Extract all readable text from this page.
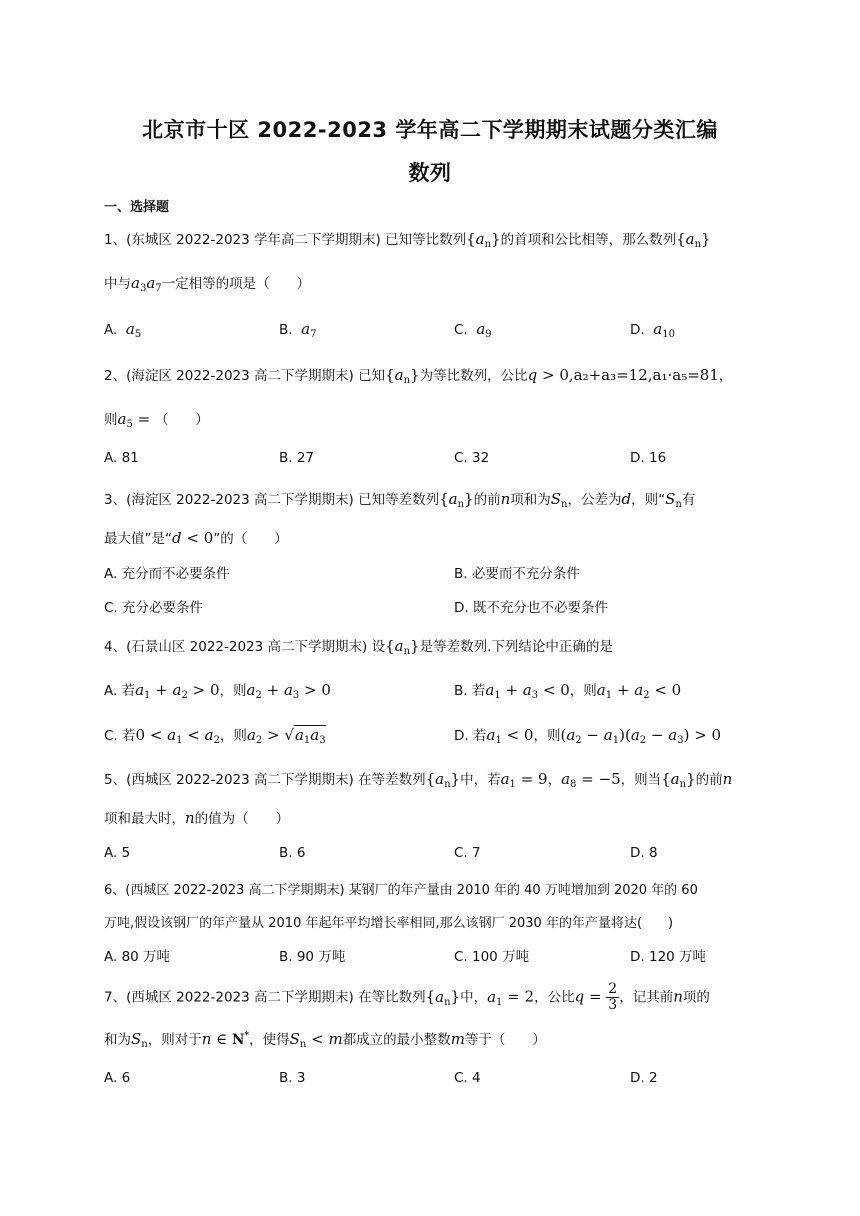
北京市十区 2022-2023 学年高二下学期期末试题分类汇编
数列
一、选择题
1、(东城区 2022-2023 学年高二下学期期末) 已知等比数列$\{a_n\}$的首项和公比相等，那么数列$\{a_n\}$
中与$a_3a_7$一定相等的项是（　　）
A. $a_5$	B. $a_7$	C. $a_9$	D. $a_{10}$
2、(海淀区 2022-2023 高二下学期期末) 已知$\{a_n\}$为等比数列，公比q > 0,a₂+a₃=12,a₁·a₅=81，
则$a_5$ = （　　）
A. 81	B. 27	C. 32	D. 16
3、(海淀区 2022-2023 高二下学期期末) 已知等差数列$\{a_n\}$的前n项和为$S_n$，公差为d，则“$S_n$有
最大值”是“d < 0”的（　　）
A. 充分而不必要条件	B. 必要而不充分条件
C. 充分必要条件	D. 既不充分也不必要条件
4、(石景山区 2022-2023 高二下学期期末) 设$\{a_n\}$是等差数列.下列结论中正确的是
A. 若$a_1 + a_2 > 0$，则$a_2 + a_3 > 0$	B. 若$a_1 + a_3 < 0$，则$a_1 + a_2 < 0$
C. 若$0 < a_1 < a_2$，则$a_2 > √a_1a_3$	D. 若$a_1 < 0$，则$(a_2 - a_1)(a_2 - a_3) > 0$
5、(西城区 2022-2023 高二下学期期末) 在等差数列$\{a_n\}$中，若$a_1 = 9$，$a_8 = -5$，则当$\{a_n\}$的前n
项和最大时，n的值为（　　）
A. 5	B. 6	C. 7	D. 8
6、(西城区 2022-2023 高二下学期期末) 某钢厂的年产量由 2010 年的 40 万吨增加到 2020 年的 60
万吨,假设该钢厂的年产量从 2010 年起年平均增长率相同,那么该钢厂 2030 年的年产量将达(　　)
A. 80 万吨	B. 90 万吨	C. 100 万吨	D. 120 万吨
7、(西城区 2022-2023 高二下学期期末) 在等比数列$\{a_n\}$中，$a_1 = 2$，公比$q = \frac{2}{3}$ ，记其前n项的
和为$S_n$，则对于n ∈ N*，使得$S_n < m$都成立的最小整数m等于（　　）
A. 6	B. 3	C. 4	D. 2
